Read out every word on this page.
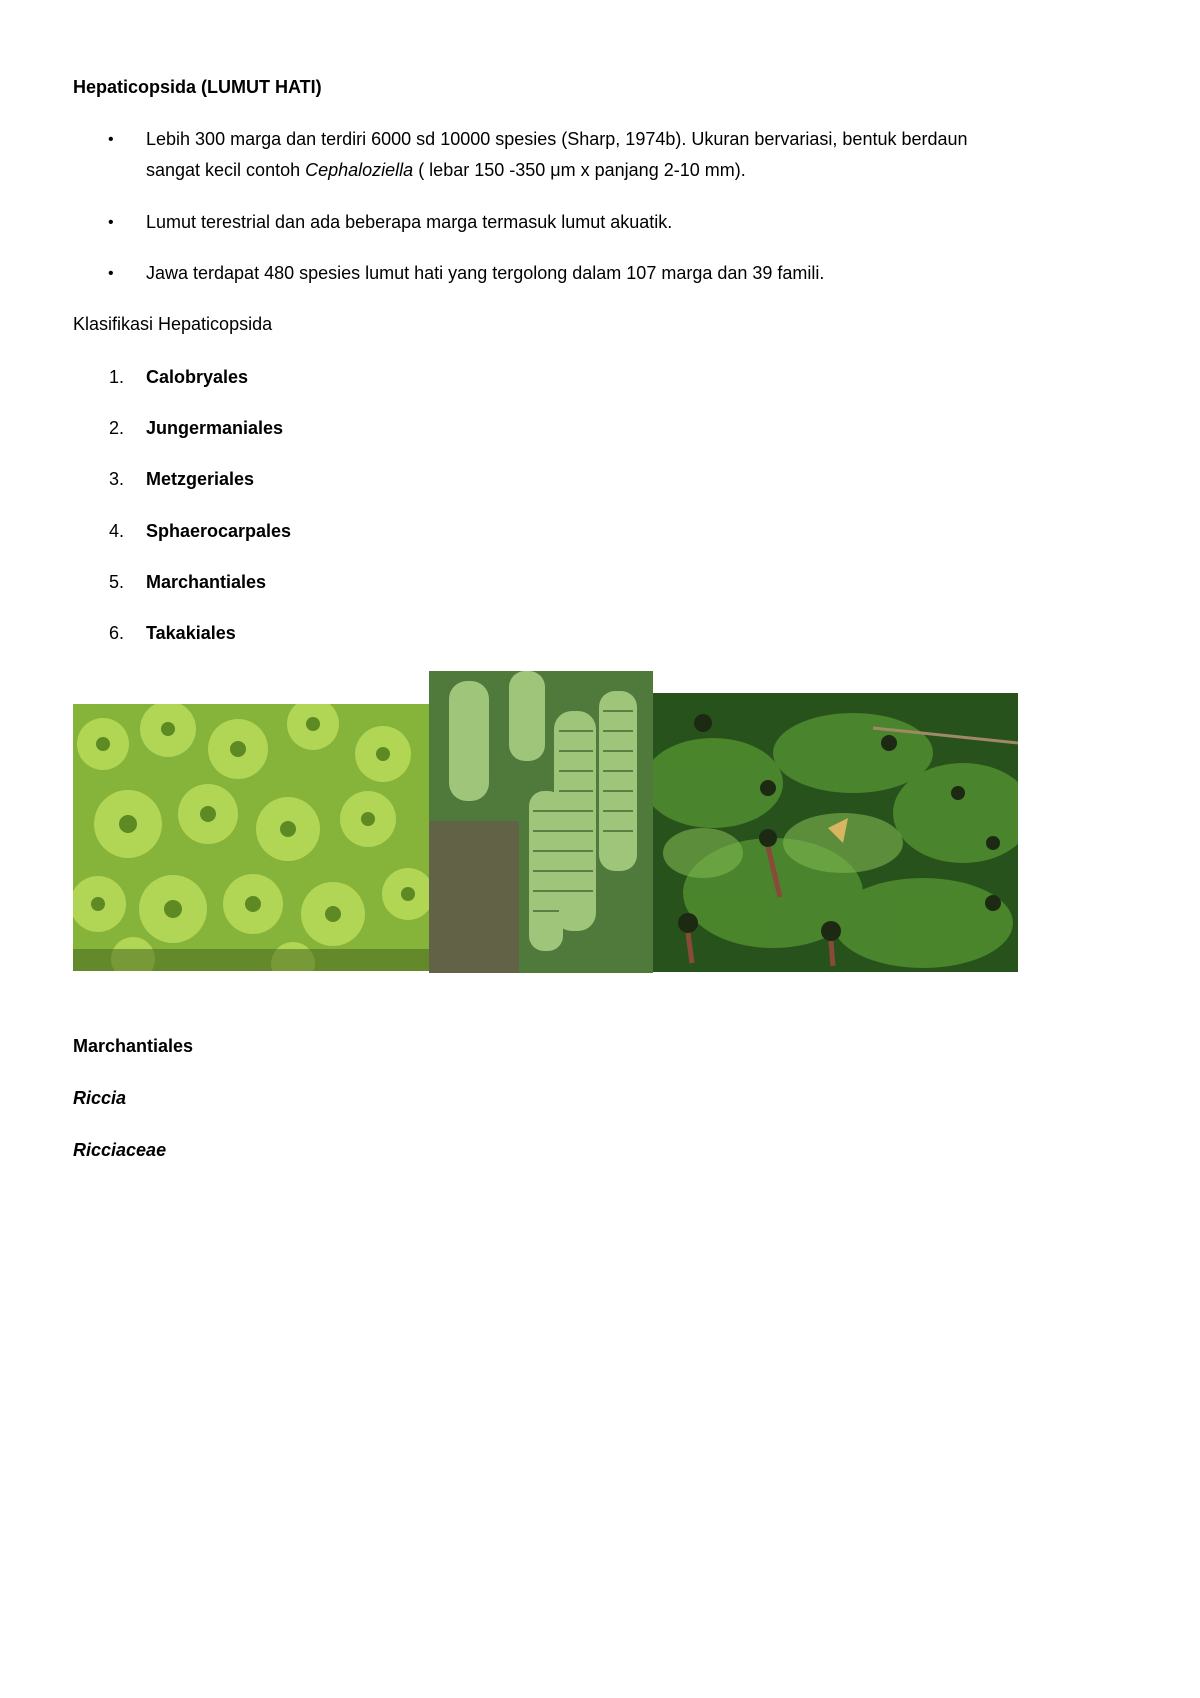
Hepaticopsida (LUMUT HATI)
• Lebih 300 marga dan terdiri 6000 sd 10000 spesies (Sharp, 1974b). Ukuran bervariasi, bentuk berdaun
sangat kecil contoh Cephaloziella ( lebar 150 -350 μm x panjang 2-10 mm).
• Lumut terestrial dan ada beberapa marga termasuk lumut akuatik.
• Jawa terdapat 480 spesies lumut hati yang tergolong dalam 107 marga dan 39 famili.
Klasifikasi Hepaticopsida
1. Calobryales
2. Jungermaniales
3. Metzgeriales
4. Sphaerocarpales
5. Marchantiales
6. Takakiales
Marchantiales
Riccia
Ricciaceae
